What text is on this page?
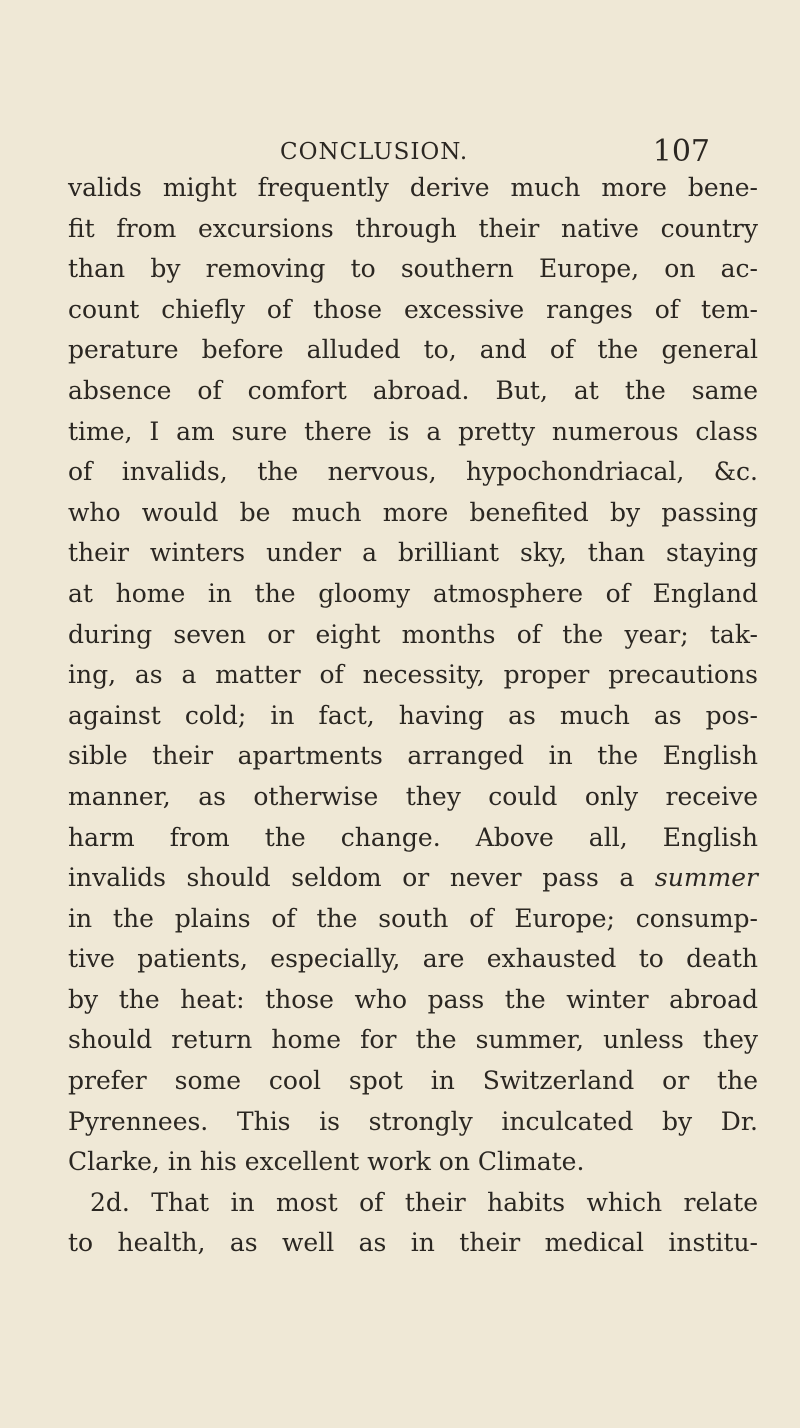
CONCLUSION.	107
valids might frequently derive much more bene-
fit from excursions through their native country
than by removing to southern Europe, on ac-
count chiefly of those excessive ranges of tem-
perature before alluded to, and of the general
absence of comfort abroad. But, at the same
time, I am sure there is a pretty numerous class
of invalids, the nervous, hypochondriacal, &c.
who would be much more benefited by passing
their winters under a brilliant sky, than staying
at home in the gloomy atmosphere of England
during seven or eight months of the year; tak-
ing, as a matter of necessity, proper precautions
against cold; in fact, having as much as pos-
sible their apartments arranged in the English
manner, as otherwise they could only receive
harm from the change. Above all, English
invalids should seldom or never pass a summer
in the plains of the south of Europe; consump-
tive patients, especially, are exhausted to death
by the heat: those who pass the winter abroad
should return home for the summer, unless they
prefer some cool spot in Switzerland or the
Pyrennees. This is strongly inculcated by Dr.
Clarke, in his excellent work on Climate.
2d. That in most of their habits which relate
to health, as well as in their medical institu-
